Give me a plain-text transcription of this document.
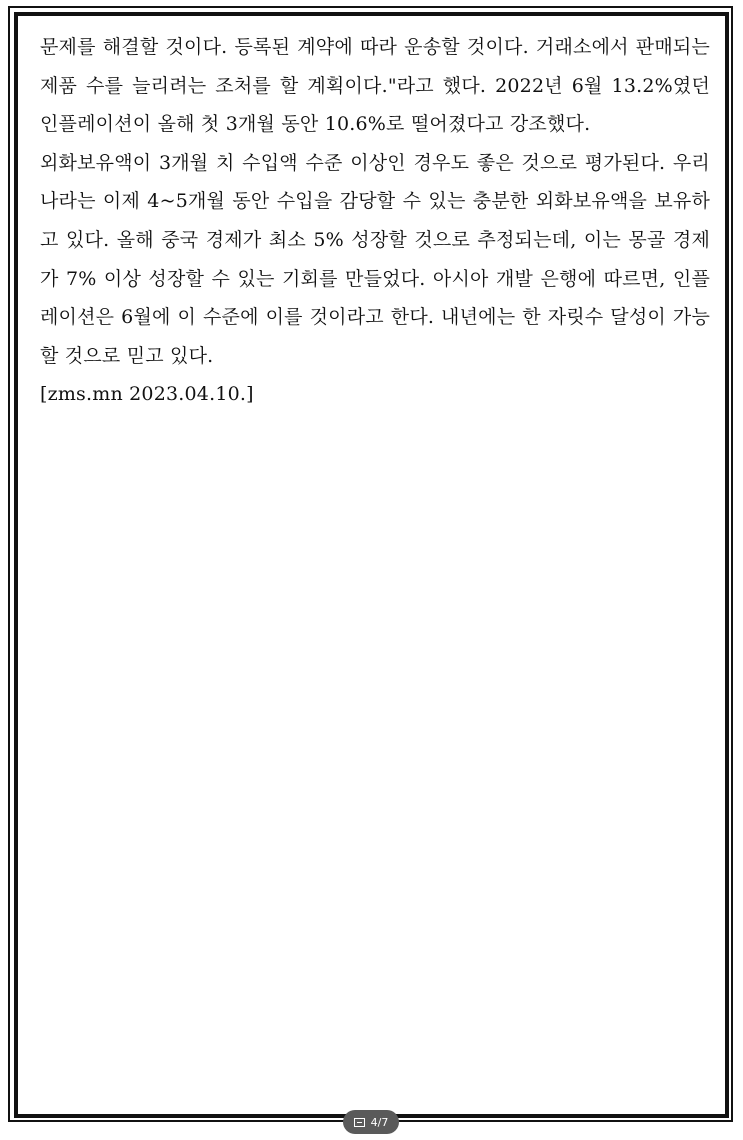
문제를 해결할 것이다. 등록된 계약에 따라 운송할 것이다. 거래소에서 판매되는 제품 수를 늘리려는 조처를 할 계획이다."라고 했다. 2022년 6월 13.2%였던 인플레이션이 올해 첫 3개월 동안 10.6%로 떨어졌다고 강조했다.

외화보유액이 3개월 치 수입액 수준 이상인 경우도 좋은 것으로 평가된다. 우리나라는 이제 4~5개월 동안 수입을 감당할 수 있는 충분한 외화보유액을 보유하고 있다. 올해 중국 경제가 최소 5% 성장할 것으로 추정되는데, 이는 몽골 경제가 7% 이상 성장할 수 있는 기회를 만들었다. 아시아 개발 은행에 따르면, 인플레이션은 6월에 이 수준에 이를 것이라고 한다. 내년에는 한 자릿수 달성이 가능할 것으로 믿고 있다.

[zms.mn 2023.04.10.]

4/7
